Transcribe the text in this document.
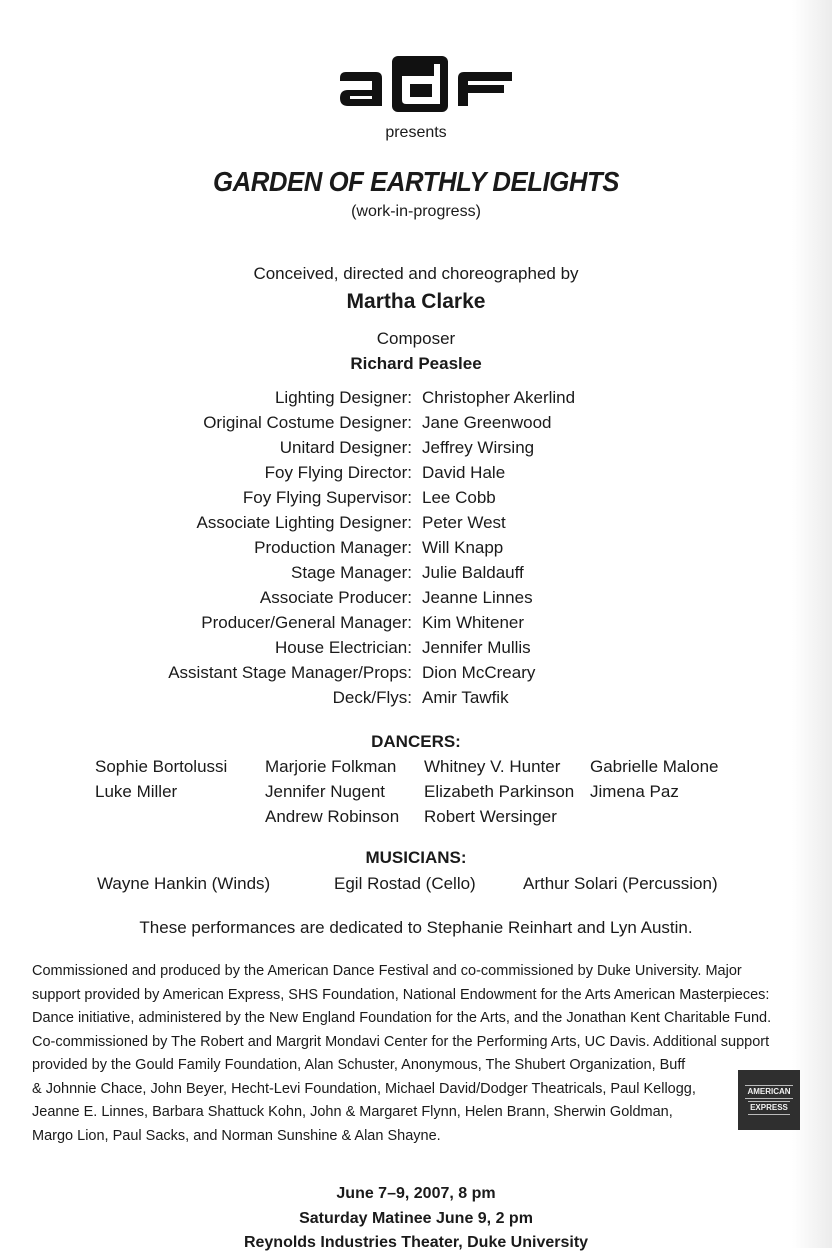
presents
GARDEN OF EARTHLY DELIGHTS
(work-in-progress)
Conceived, directed and choreographed by
Martha Clarke
Composer
Richard Peaslee
Lighting Designer: Christopher Akerlind
Original Costume Designer: Jane Greenwood
Unitard Designer: Jeffrey Wirsing
Foy Flying Director: David Hale
Foy Flying Supervisor: Lee Cobb
Associate Lighting Designer: Peter West
Production Manager: Will Knapp
Stage Manager: Julie Baldauff
Associate Producer: Jeanne Linnes
Producer/General Manager: Kim Whitener
House Electrician: Jennifer Mullis
Assistant Stage Manager/Props: Dion McCreary
Deck/Flys: Amir Tawfik
DANCERS:
Sophie Bortolussi
Luke Miller
Marjorie Folkman
Jennifer Nugent
Andrew Robinson
Whitney V. Hunter
Elizabeth Parkinson
Robert Wersinger
Gabrielle Malone
Jimena Paz
MUSICIANS:
Wayne Hankin (Winds)	Egil Rostad (Cello)	Arthur Solari (Percussion)
These performances are dedicated to Stephanie Reinhart and Lyn Austin.
Commissioned and produced by the American Dance Festival and co-commissioned by Duke University. Major
support provided by American Express, SHS Foundation, National Endowment for the Arts American Masterpieces:
Dance initiative, administered by the New England Foundation for the Arts, and the Jonathan Kent Charitable Fund.
Co-commissioned by The Robert and Margrit Mondavi Center for the Performing Arts, UC Davis. Additional support
provided by the Gould Family Foundation, Alan Schuster, Anonymous, The Shubert Organization, Buff
& Johnnie Chace, John Beyer, Hecht-Levi Foundation, Michael David/Dodger Theatricals, Paul Kellogg,
Jeanne E. Linnes, Barbara Shattuck Kohn, John & Margaret Flynn, Helen Brann, Sherwin Goldman,
Margo Lion, Paul Sacks, and Norman Sunshine & Alan Shayne.
AMERICAN
EXPRESS
June 7–9, 2007, 8 pm
Saturday Matinee June 9, 2 pm
Reynolds Industries Theater, Duke University
